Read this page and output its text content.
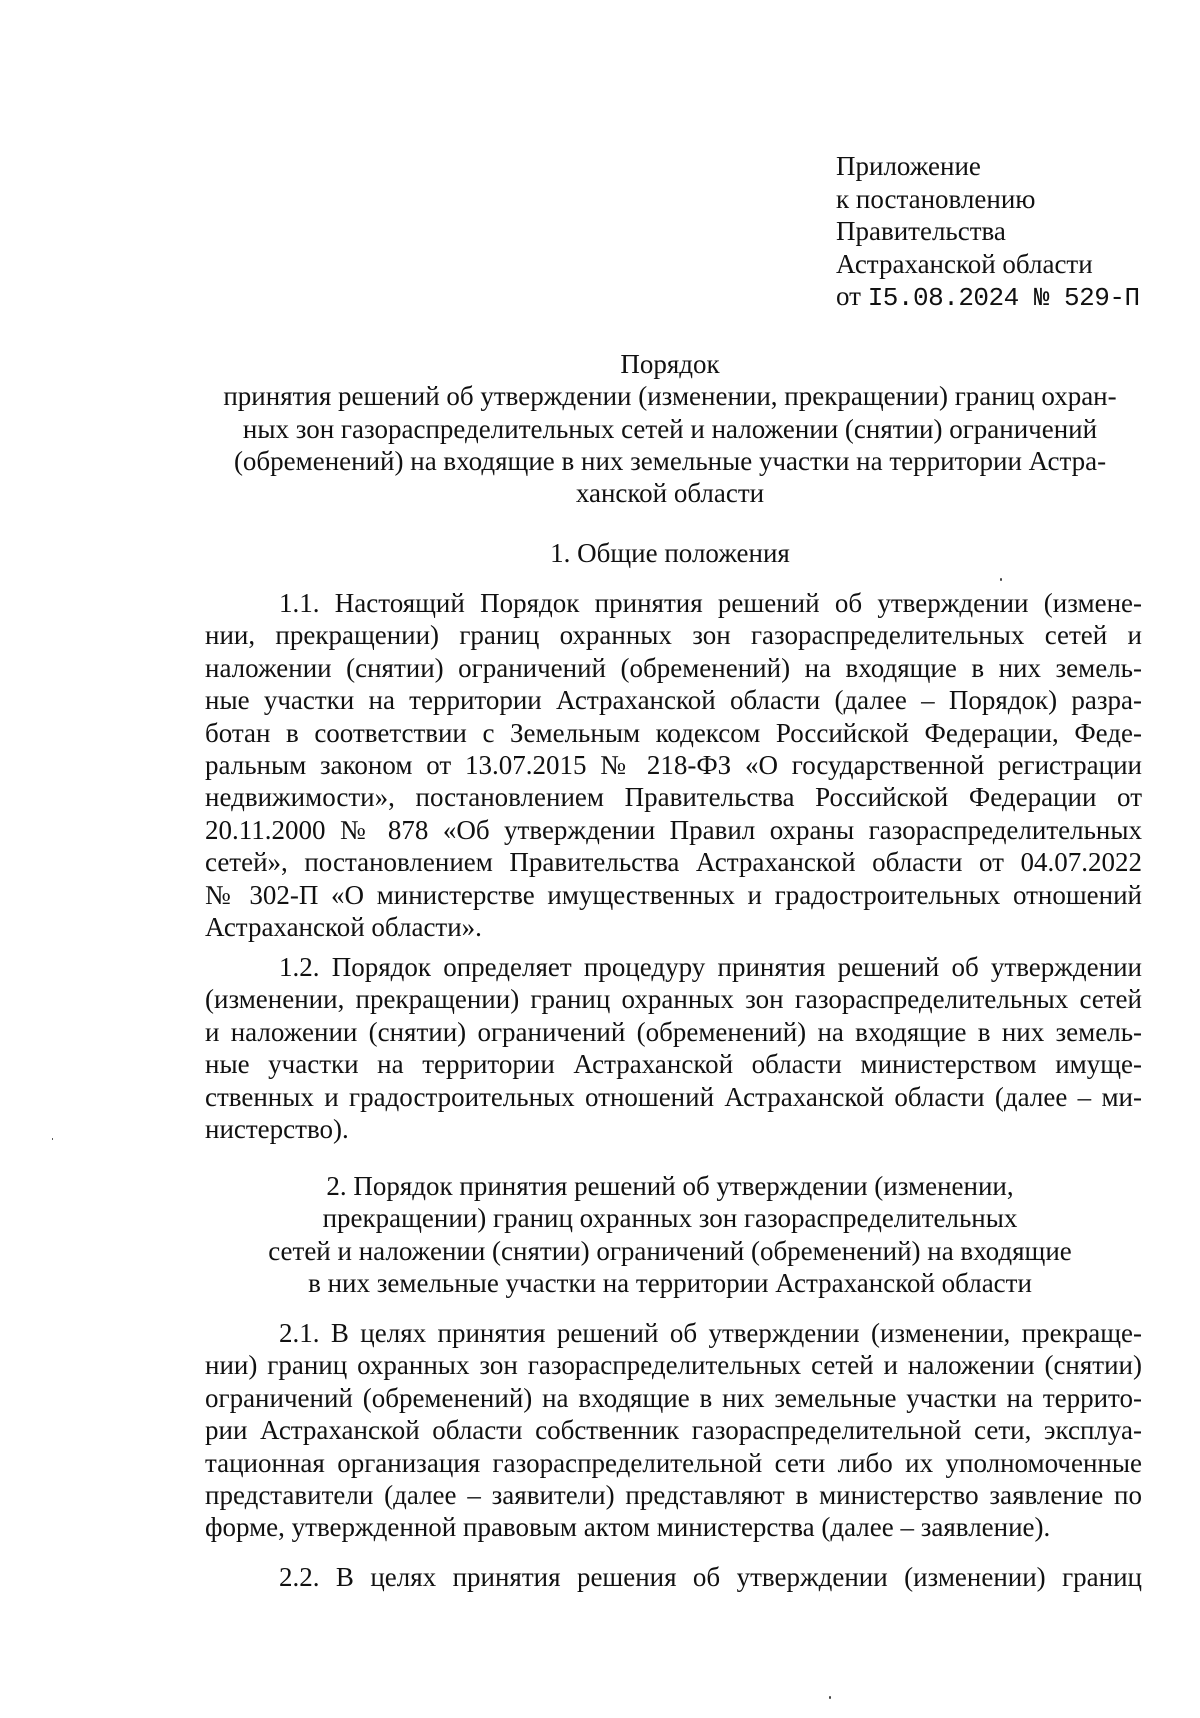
Приложение
к постановлению
Правительства
Астраханской области
от I5.08.2024 № 529-П
Порядок
принятия решений об утверждении (изменении, прекращении) границ охран-
ных зон газораспределительных сетей и наложении (снятии) ограничений
(обременений) на входящие в них земельные участки на территории Астра-
ханской области
1. Общие положения
1.1. Настоящий Порядок принятия решений об утверждении (измене-
нии, прекращении) границ охранных зон газораспределительных сетей и
наложении (снятии) ограничений (обременений) на входящие в них земель-
ные участки на территории Астраханской области (далее – Порядок) разра-
ботан в соответствии с Земельным кодексом Российской Федерации, Феде-
ральным законом от 13.07.2015 № 218-ФЗ «О государственной регистрации
недвижимости», постановлением Правительства Российской Федерации от
20.11.2000 № 878 «Об утверждении Правил охраны газораспределительных
сетей», постановлением Правительства Астраханской области от 04.07.2022
№ 302-П «О министерстве имущественных и градостроительных отношений
Астраханской области».
1.2. Порядок определяет процедуру принятия решений об утверждении
(изменении, прекращении) границ охранных зон газораспределительных сетей
и наложении (снятии) ограничений (обременений) на входящие в них земель-
ные участки на территории Астраханской области министерством имуще-
ственных и градостроительных отношений Астраханской области (далее – ми-
нистерство).
2. Порядок принятия решений об утверждении (изменении,
прекращении) границ охранных зон газораспределительных
сетей и наложении (снятии) ограничений (обременений) на входящие
в них земельные участки на территории Астраханской области
2.1. В целях принятия решений об утверждении (изменении, прекраще-
нии) границ охранных зон газораспределительных сетей и наложении (снятии)
ограничений (обременений) на входящие в них земельные участки на террито-
рии Астраханской области собственник газораспределительной сети, эксплуа-
тационная организация газораспределительной сети либо их уполномоченные
представители (далее – заявители) представляют в министерство заявление по
форме, утвержденной правовым актом министерства (далее – заявление).
2.2. В целях принятия решения об утверждении (изменении) границ
